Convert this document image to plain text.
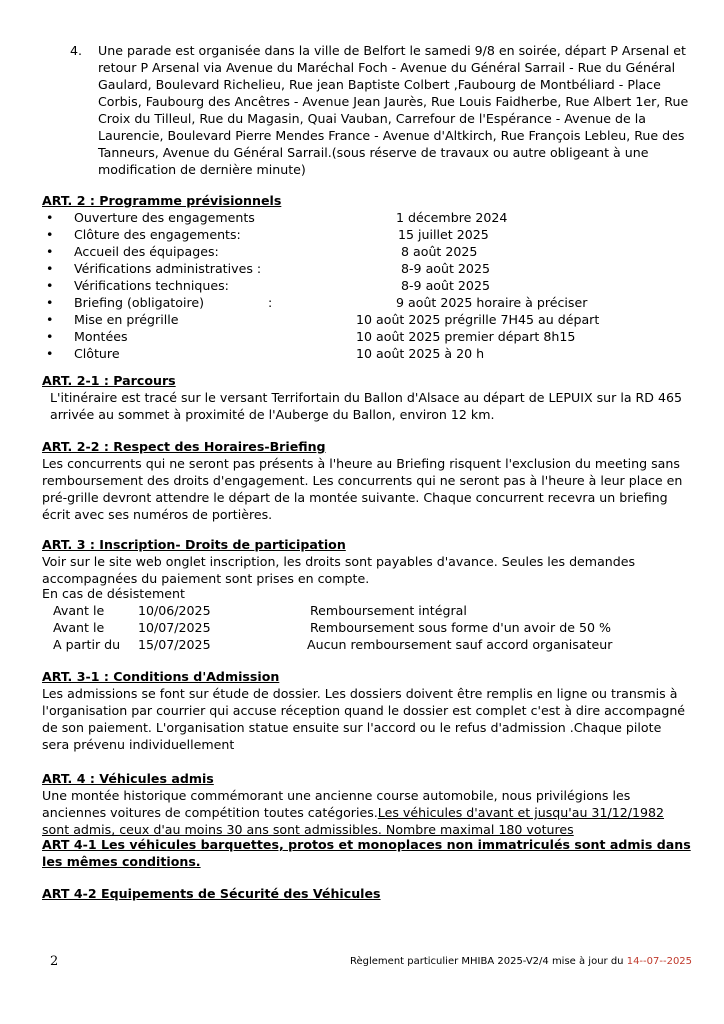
4. Une parade est organisée dans la ville de Belfort le samedi 9/8 en soirée, départ P Arsenal et retour P Arsenal via Avenue du Maréchal Foch - Avenue du Général Sarrail - Rue du Général Gaulard, Boulevard Richelieu, Rue jean Baptiste Colbert ,Faubourg de Montbéliard - Place Corbis, Faubourg des Ancêtres - Avenue Jean Jaurès, Rue Louis Faidherbe, Rue Albert 1er, Rue Croix du Tilleul, Rue du Magasin, Quai Vauban, Carrefour de l'Espérance - Avenue de la Laurencie, Boulevard Pierre Mendes France - Avenue d'Altkirch, Rue François Lebleu, Rue des Tanneurs, Avenue du Général Sarrail.(sous réserve de travaux ou autre obligeant à une modification de dernière minute)
ART. 2 : Programme prévisionnels
• Ouverture des engagements	1 décembre 2024
• Clôture des engagements:	15 juillet 2025
• Accueil des équipages:	8 août 2025
• Vérifications administratives :	8-9 août 2025
• Vérifications techniques:	8-9 août 2025
• Briefing (obligatoire)	:	9 août 2025 horaire à préciser
• Mise en prégrille	10 août 2025 prégrille 7H45 au départ
• Montées	10 août 2025 premier départ 8h15
• Clôture	10 août 2025 à 20 h
ART. 2-1 : Parcours
L'itinéraire est tracé sur le versant Terrifortain du Ballon d'Alsace au départ de LEPUIX sur la RD 465 arrivée au sommet à proximité de l'Auberge du Ballon, environ 12 km.
ART. 2-2 : Respect des Horaires-Briefing
Les concurrents qui ne seront pas présents à l'heure au Briefing risquent l'exclusion du meeting sans remboursement des droits d'engagement. Les concurrents qui ne seront pas à l'heure à leur place en pré-grille devront attendre le départ de la montée suivante. Chaque concurrent recevra un briefing écrit avec ses numéros de portières.
ART. 3 : Inscription- Droits de participation
Voir sur le site web onglet inscription, les droits sont payables d'avance. Seules les demandes accompagnées du paiement sont prises en compte.
En cas de désistement
Avant le	10/06/2025	Remboursement intégral
Avant le	10/07/2025	Remboursement sous forme d'un avoir de 50 %
A partir du 15/07/2025	Aucun remboursement sauf accord organisateur
ART. 3-1 : Conditions d'Admission
Les admissions se font sur étude de dossier. Les dossiers doivent être remplis en ligne ou transmis à l'organisation par courrier qui accuse réception quand le dossier est complet c'est à dire accompagné de son paiement. L'organisation statue ensuite sur l'accord ou le refus d'admission .Chaque pilote sera prévenu individuellement
ART. 4 : Véhicules admis
Une montée historique commémorant une ancienne course automobile, nous privilégions les anciennes voitures de compétition toutes catégories.Les véhicules d'avant et jusqu'au 31/12/1982 sont admis, ceux d'au moins 30 ans sont admissibles. Nombre maximal 180 votures
ART 4-1 Les véhicules barquettes, protos et monoplaces non immatriculés sont admis dans les mêmes conditions.
ART 4-2 Equipements de Sécurité des Véhicules
2	Règlement particulier MHIBA 2025-V2/4 mise à jour du 14--07--2025
